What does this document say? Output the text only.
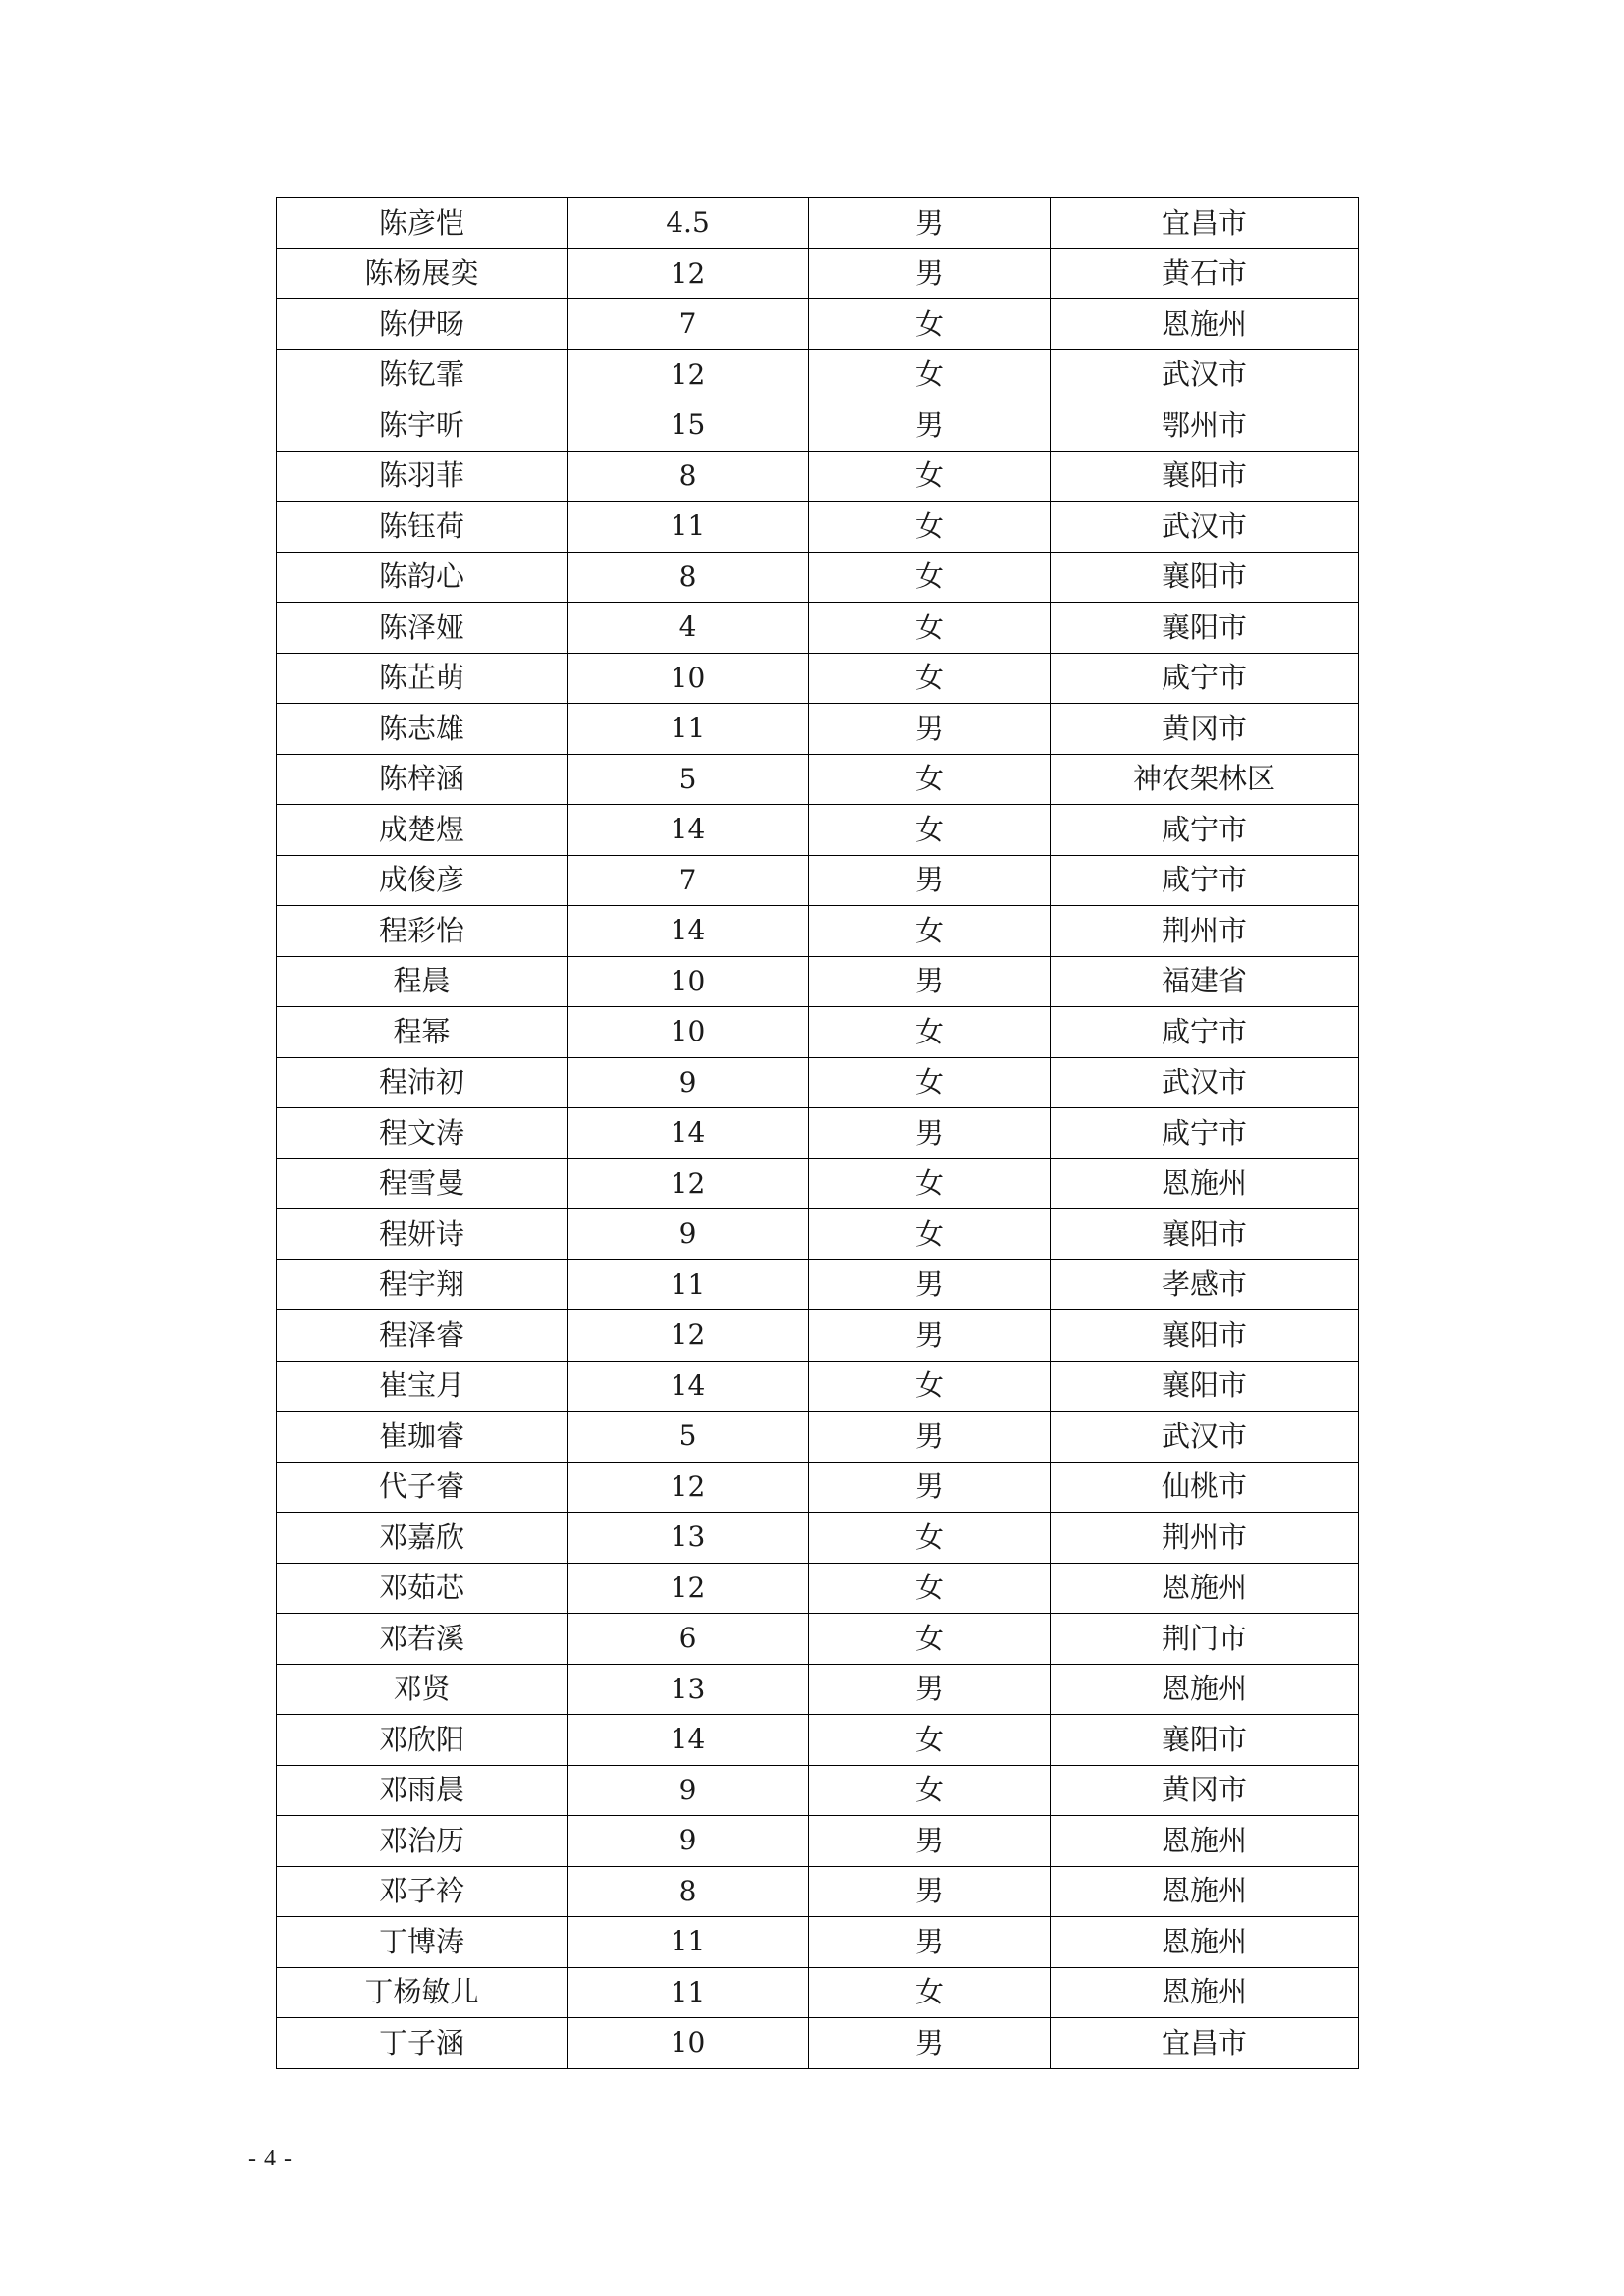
陈彦恺	4.5	男	宜昌市
陈杨展奕	12	男	黄石市
陈伊旸	7	女	恩施州
陈钇霏	12	女	武汉市
陈宇昕	15	男	鄂州市
陈羽菲	8	女	襄阳市
陈钰荷	11	女	武汉市
陈韵心	8	女	襄阳市
陈泽娅	4	女	襄阳市
陈芷萌	10	女	咸宁市
陈志雄	11	男	黄冈市
陈梓涵	5	女	神农架林区
成楚煜	14	女	咸宁市
成俊彦	7	男	咸宁市
程彩怡	14	女	荆州市
程晨	10	男	福建省
程幂	10	女	咸宁市
程沛初	9	女	武汉市
程文涛	14	男	咸宁市
程雪曼	12	女	恩施州
程妍诗	9	女	襄阳市
程宇翔	11	男	孝感市
程泽睿	12	男	襄阳市
崔宝月	14	女	襄阳市
崔珈睿	5	男	武汉市
代子睿	12	男	仙桃市
邓嘉欣	13	女	荆州市
邓茹芯	12	女	恩施州
邓若溪	6	女	荆门市
邓贤	13	男	恩施州
邓欣阳	14	女	襄阳市
邓雨晨	9	女	黄冈市
邓治历	9	男	恩施州
邓子衿	8	男	恩施州
丁博涛	11	男	恩施州
丁杨敏儿	11	女	恩施州
丁子涵	10	男	宜昌市
- 4 -
